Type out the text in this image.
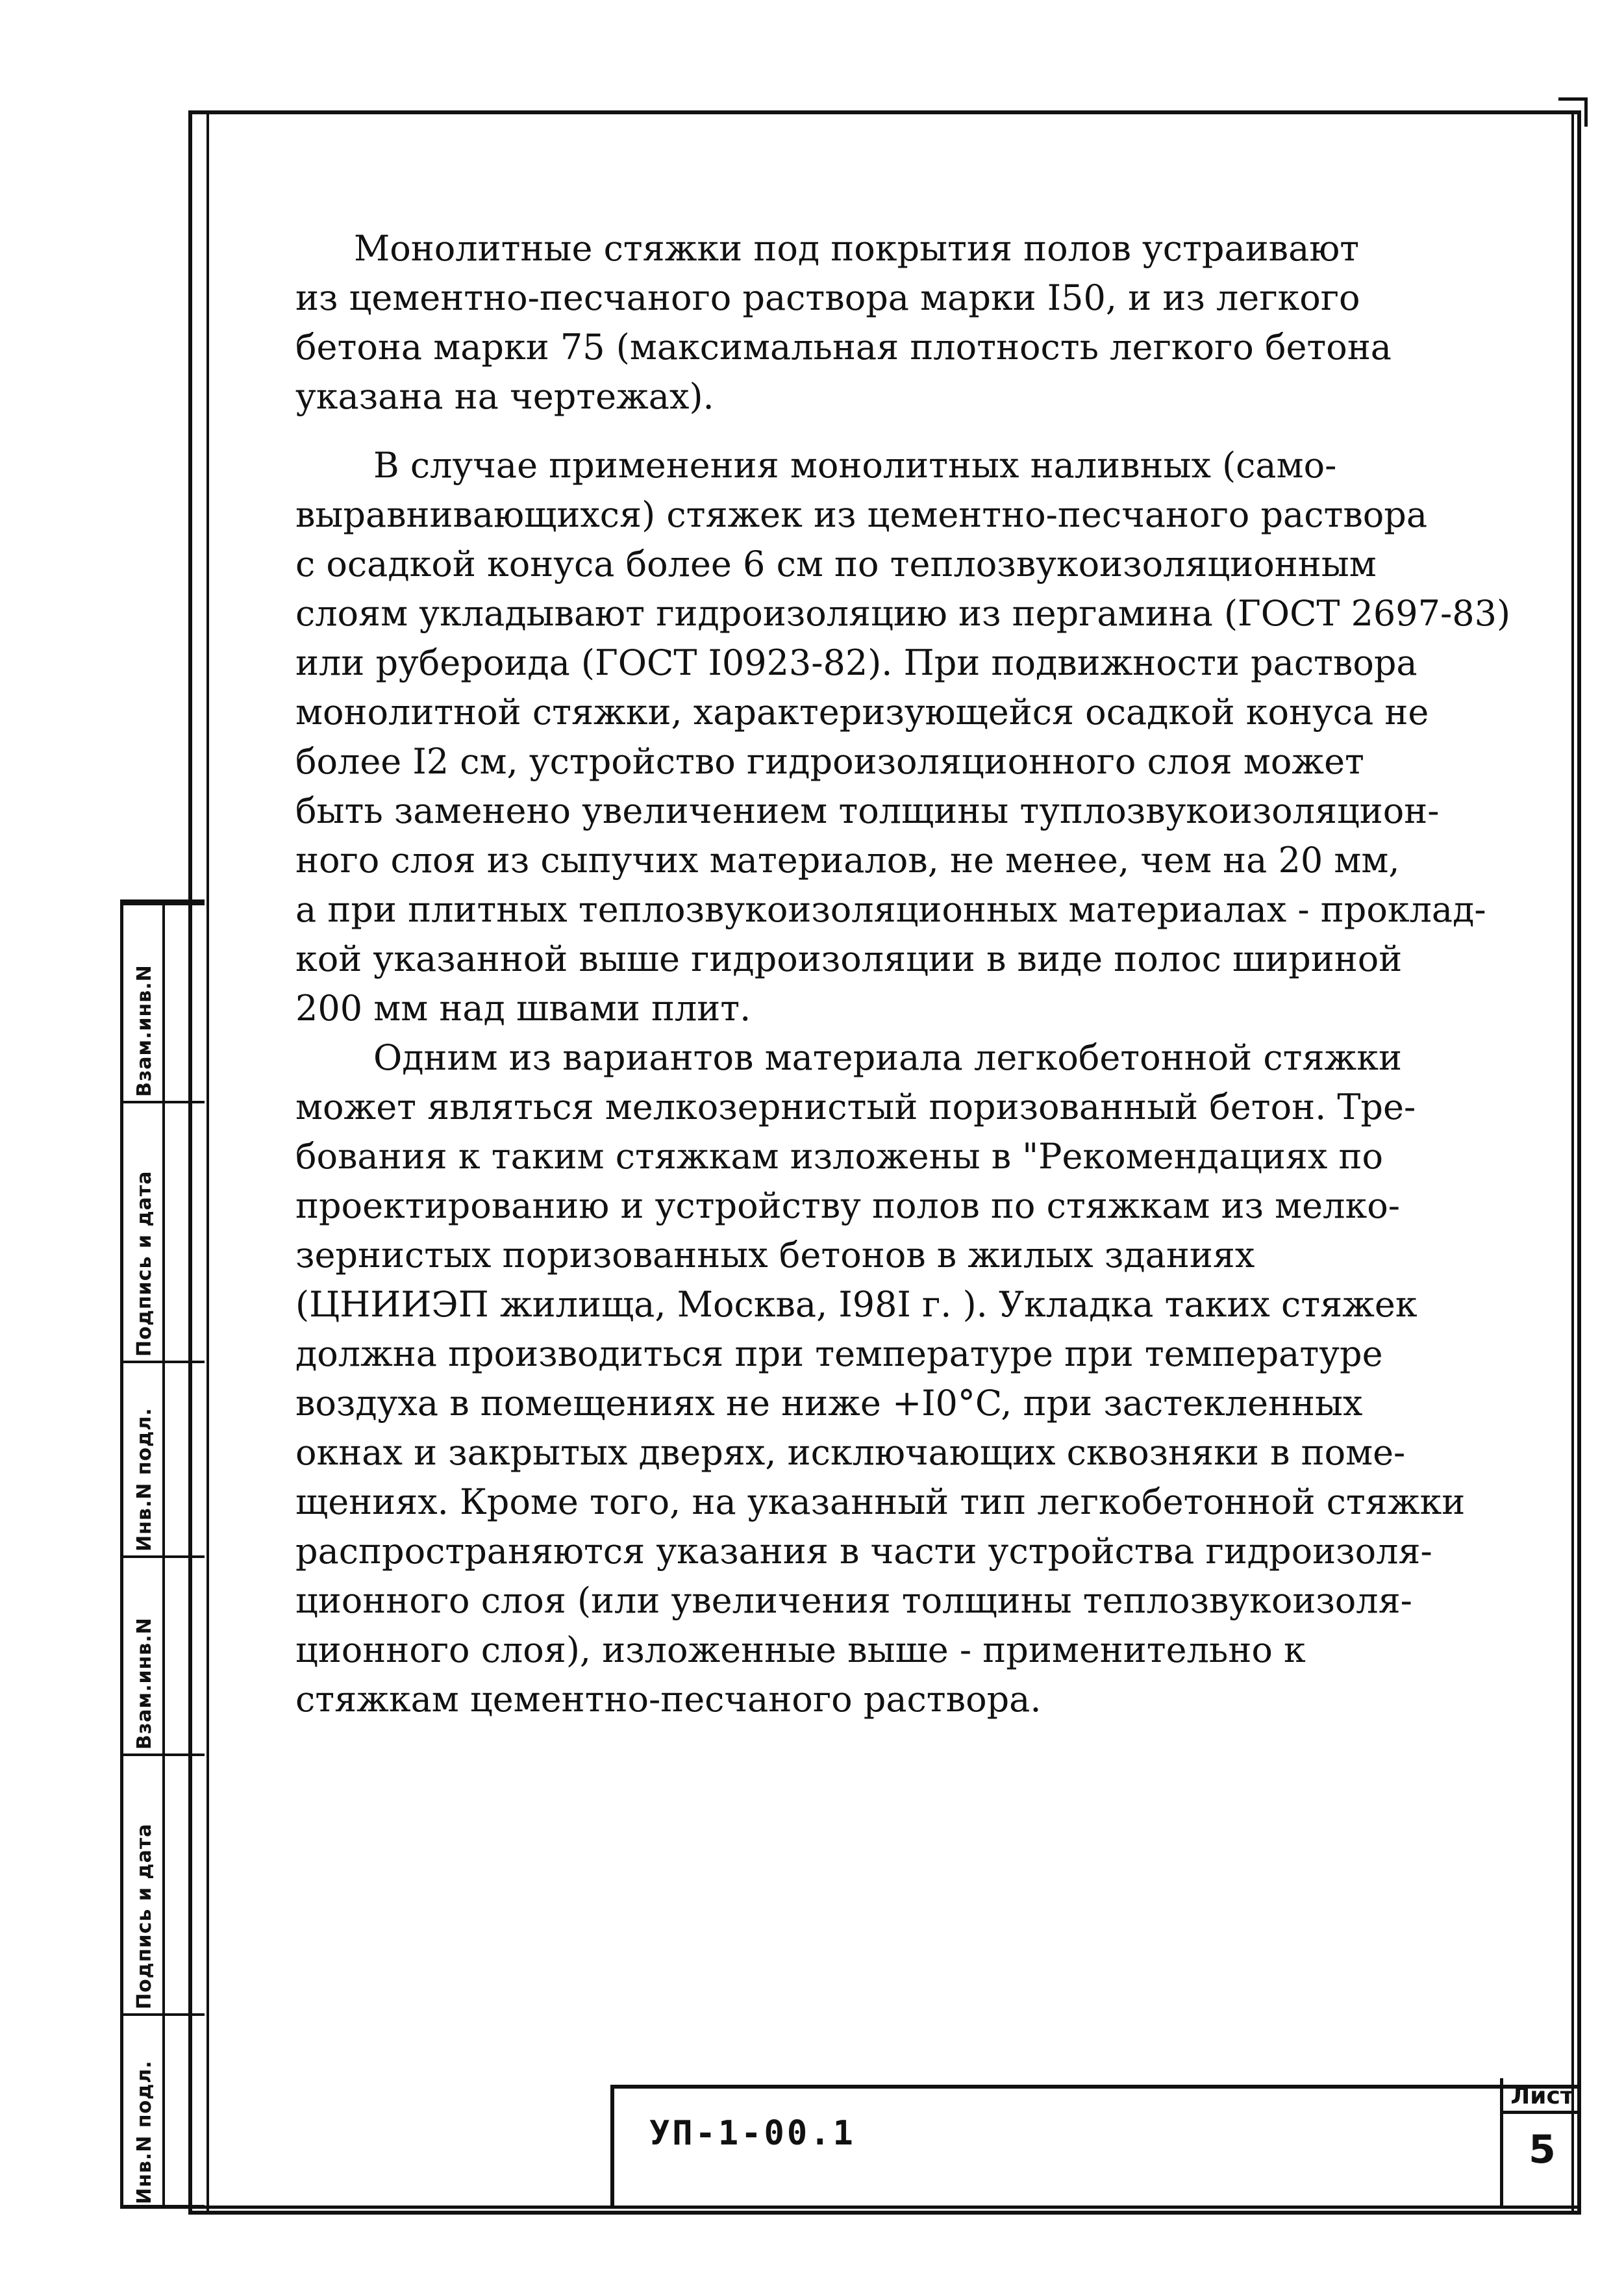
Взам.инв.N
Подпись и дата
Инв.N подл.
Взам.инв.N
Подпись и дата
Инв.N подл.
Монолитные стяжки под покрытия полов устраивают
из цементно-песчаного раствора марки I50, и из легкого
бетона марки 75 (максимальная плотность легкого бетона
указана на чертежах).
В случае применения монолитных наливных (само-
выравнивающихся) стяжек из цементно-песчаного раствора
с осадкой конуса более 6 см по теплозвукоизоляционным
слоям укладывают гидроизоляцию из пергамина (ГОСТ 2697-83)
или рубероида (ГОСТ I0923-82). При подвижности раствора
монолитной стяжки, характеризующейся осадкой конуса не
более I2 см, устройство гидроизоляционного слоя может
быть заменено увеличением толщины туплозвукоизоляцион-
ного слоя из сыпучих материалов, не менее, чем на 20 мм,
а при плитных теплозвукоизоляционных материалах - проклад-
кой указанной выше гидроизоляции в виде полос шириной
200 мм над швами плит.
Одним из вариантов материала легкобетонной стяжки
может являться мелкозернистый поризованный бетон. Тре-
бования к таким стяжкам изложены в "Рекомендациях по
проектированию и устройству полов по стяжкам из мелко-
зернистых поризованных бетонов в жилых зданиях
(ЦНИИЭП жилища, Москва, I98I г. ). Укладка таких стяжек
должна производиться при температуре при температуре
воздуха в помещениях не ниже +I0°C, при застекленных
окнах и закрытых дверях, исключающих сквозняки в поме-
щениях. Кроме того, на указанный тип легкобетонной стяжки
распространяются указания в части устройства гидроизоля-
ционного слоя (или увеличения толщины теплозвукоизоля-
ционного слоя), изложенные выше - применительно к
стяжкам цементно-песчаного раствора.
УП-1-00.1
Лист
5
